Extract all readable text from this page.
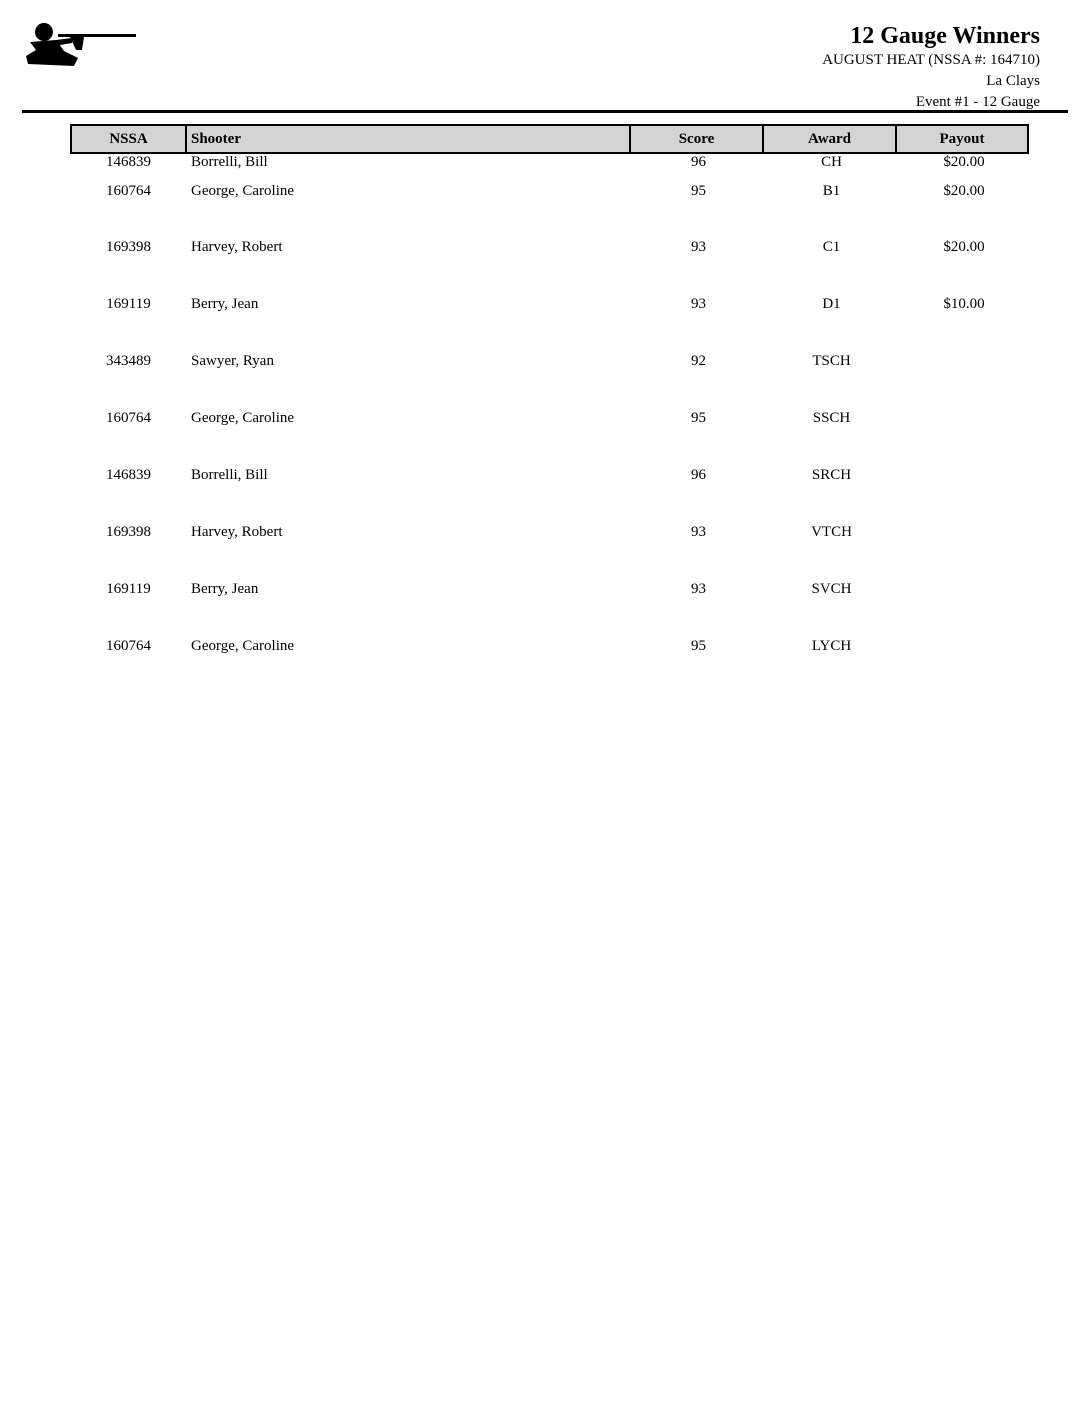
12 Gauge Winners
AUGUST HEAT (NSSA #: 164710)
La Clays
Event #1 - 12 Gauge
NSSA	Shooter	Score	Award	Payout
146839	Borrelli, Bill	96	CH	$20.00
160764	George, Caroline	95	B1	$20.00
169398	Harvey, Robert	93	C1	$20.00
169119	Berry, Jean	93	D1	$10.00
343489	Sawyer, Ryan	92	TSCH
160764	George, Caroline	95	SSCH
146839	Borrelli, Bill	96	SRCH
169398	Harvey, Robert	93	VTCH
169119	Berry, Jean	93	SVCH
160764	George, Caroline	95	LYCH
